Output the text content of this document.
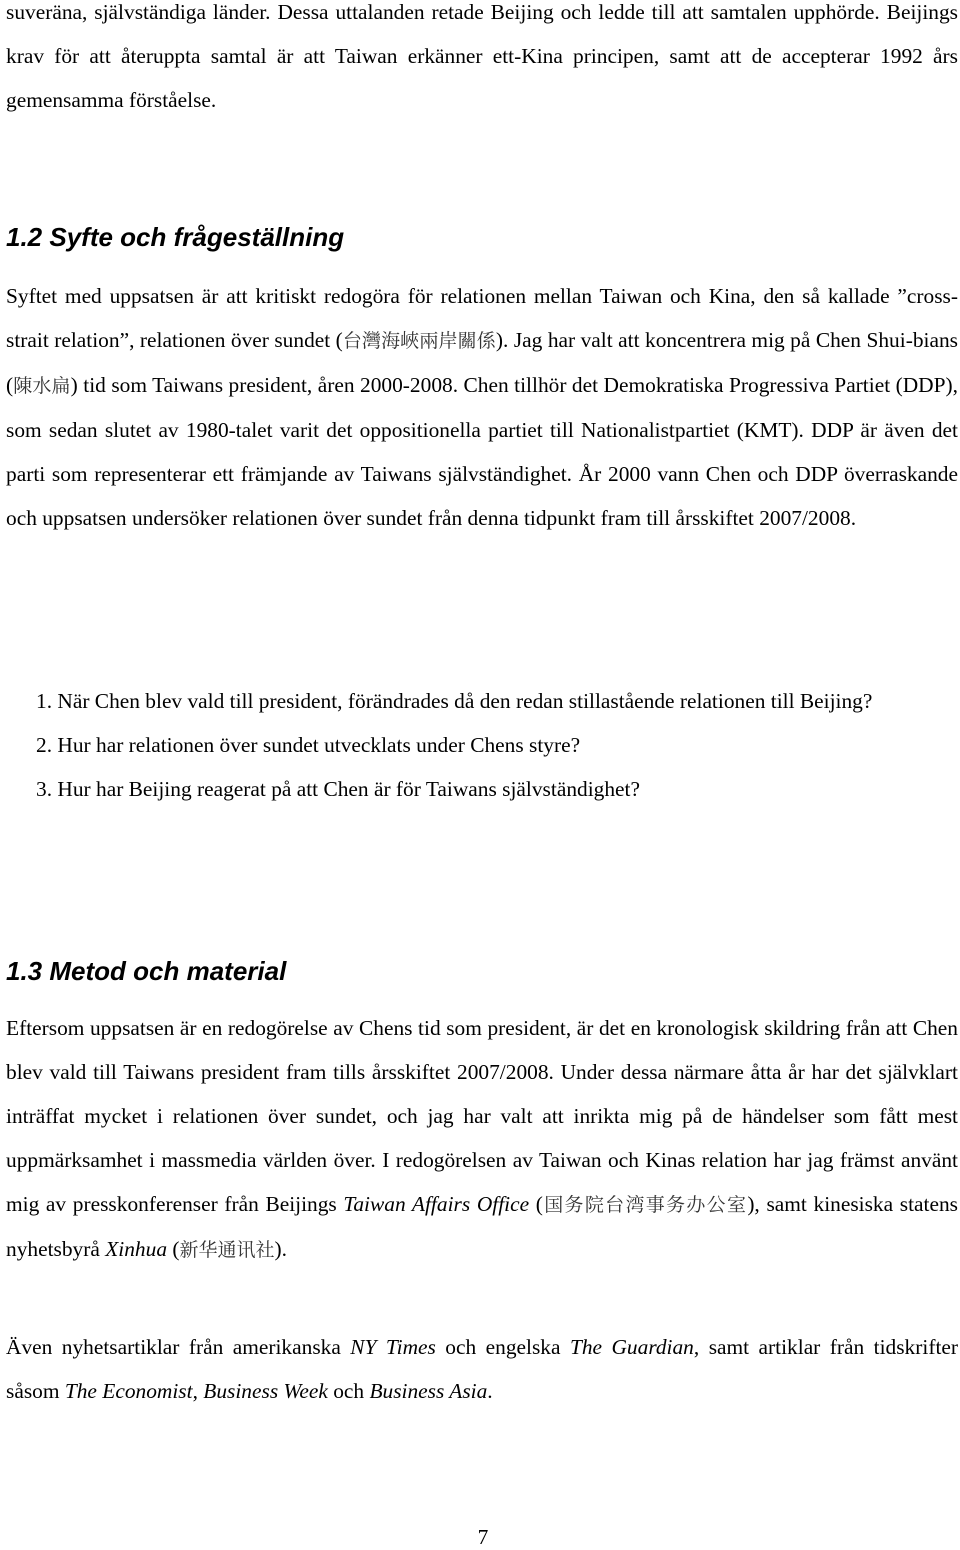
suveräna, självständiga länder. Dessa uttalanden retade Beijing och ledde till att samtalen upphörde. Beijings krav för att återuppta samtal är att Taiwan erkänner ett-Kina principen, samt att de accepterar 1992 års gemensamma förståelse.

1.2 Syfte och frågeställning

Syftet med uppsatsen är att kritiskt redogöra för relationen mellan Taiwan och Kina, den så kallade ”cross-strait relation”, relationen över sundet (台灣海峽兩岸關係). Jag har valt att koncentrera mig på Chen Shui-bians (陳水扁) tid som Taiwans president, åren 2000-2008. Chen tillhör det Demokratiska Progressiva Partiet (DDP), som sedan slutet av 1980-talet varit det oppositionella partiet till Nationalistpartiet (KMT). DDP är även det parti som representerar ett främjande av Taiwans självständighet. År 2000 vann Chen och DDP överraskande och uppsatsen undersöker relationen över sundet från denna tidpunkt fram till årsskiftet 2007/2008.

1. När Chen blev vald till president, förändrades då den redan stillastående relationen till Beijing?
2. Hur har relationen över sundet utvecklats under Chens styre?
3. Hur har Beijing reagerat på att Chen är för Taiwans självständighet?
1.3 Metod och material

Eftersom uppsatsen är en redogörelse av Chens tid som president, är det en kronologisk skildring från att Chen blev vald till Taiwans president fram tills årsskiftet 2007/2008. Under dessa närmare åtta år har det självklart inträffat mycket i relationen över sundet, och jag har valt att inrikta mig på de händelser som fått mest uppmärksamhet i massmedia världen över. I redogörelsen av Taiwan och Kinas relation har jag främst använt mig av presskonferenser från Beijings Taiwan Affairs Office (国务院台湾事务办公室), samt kinesiska statens nyhetsbyrå Xinhua (新华通讯社).

Även nyhetsartiklar från amerikanska NY Times och engelska The Guardian, samt artiklar från tidskrifter såsom The Economist, Business Week och Business Asia.

7
